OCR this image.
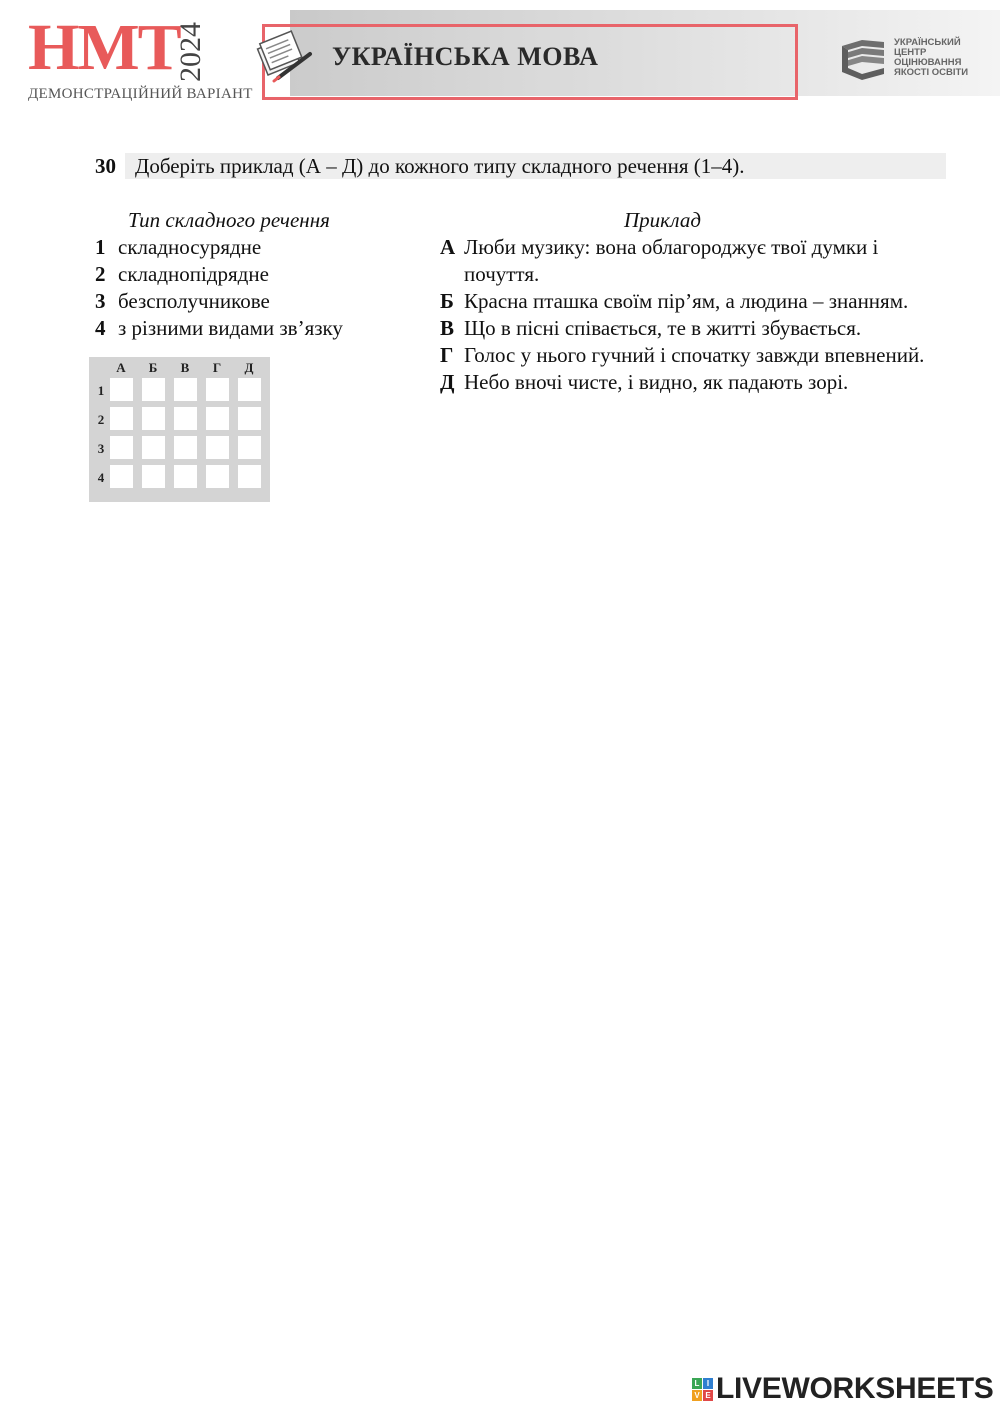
НМТ
2024
ДЕМОНСТРАЦІЙНИЙ ВАРІАНТ
УКРАЇНСЬКА МОВА	УКРАЇНСЬКИЙ
ЦЕНТР
ОЦІНЮВАННЯ
ЯКОСТІ ОСВІТИ
30 Доберіть приклад (А – Д) до кожного типу складного речення (1–4).
Тип складного речення	Приклад
1 складносурядне
2 складнопідрядне
3 безсполучникове
4 з різними видами зв’язку
А Люби музику: вона облагороджує твої думки і почуття.
Б Красна пташка своїм пір’ям, а людина – знанням.
В Що в пісні співається, те в житті збувається.
Г Голос у нього гучний і спочатку завжди впевнений.
Д Небо вночі чисте, і видно, як падають зорі.
А	Б	В	Г	Д
1
2
3
4
L I
V E LIVEWORKSHEETS
